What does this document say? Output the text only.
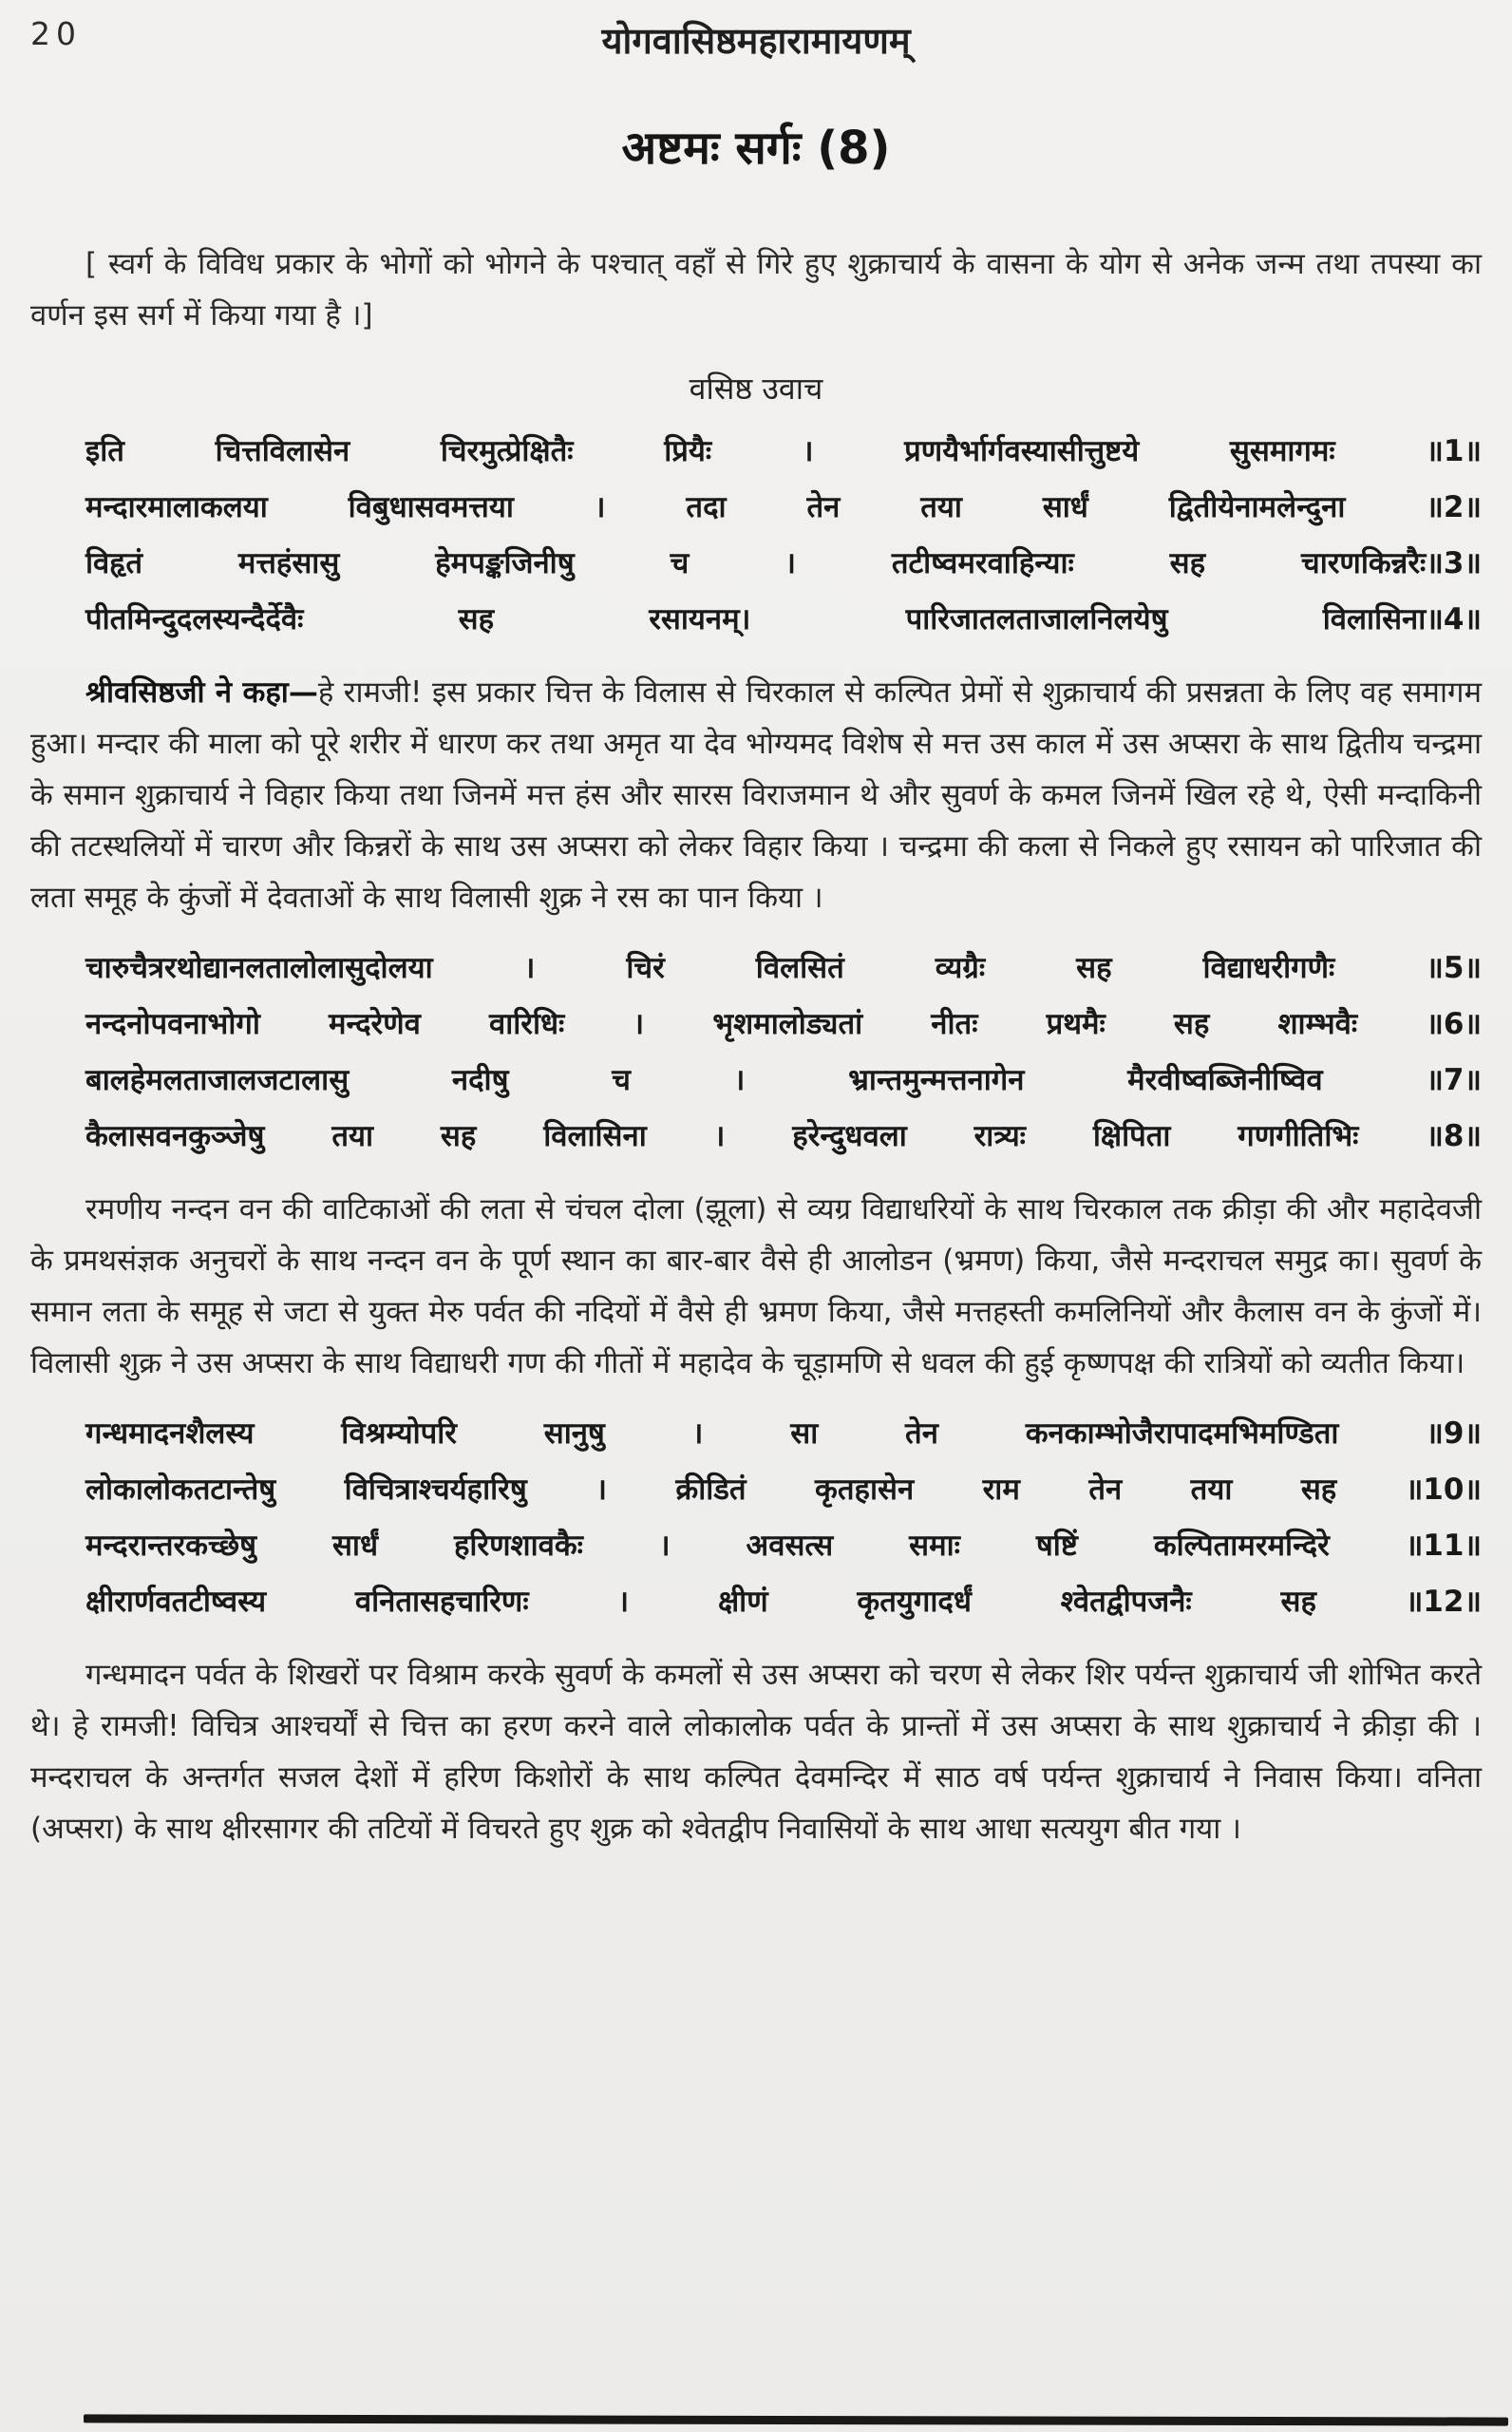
20	योगवासिष्ठमहारामायणम्
अष्टमः सर्गः (8)

[ स्वर्ग के विविध प्रकार के भोगों को भोगने के पश्चात् वहाँ से गिरे हुए शुक्राचार्य के वासना के योग से अनेक जन्म तथा तपस्या का वर्णन इस सर्ग में किया गया है ।]

वसिष्ठ उवाच
इति चित्तविलासेन चिरमुत्प्रेक्षितैः प्रियैः । प्रणयैर्भार्गवस्यासीत्तुष्टये सुसमागमः ॥1॥
मन्दारमालाकलया विबुधासवमत्तया । तदा तेन तया सार्धं द्वितीयेनामलेन्दुना ॥2॥
विहृतं मत्तहंसासु हेमपङ्कजिनीषु च । तटीष्वमरवाहिन्याः सह चारणकिन्नरैः॥3॥
पीतमिन्दुदलस्यन्दैर्देवैः सह रसायनम्। पारिजातलताजालनिलयेषु विलासिना॥4॥

श्रीवसिष्ठजी ने कहा—हे रामजी! इस प्रकार चित्त के विलास से चिरकाल से कल्पित प्रेमों से शुक्राचार्य की प्रसन्नता के लिए वह समागम हुआ। मन्दार की माला को पूरे शरीर में धारण कर तथा अमृत या देव भोग्यमद विशेष से मत्त उस काल में उस अप्सरा के साथ द्वितीय चन्द्रमा के समान शुक्राचार्य ने विहार किया तथा जिनमें मत्त हंस और सारस विराजमान थे और सुवर्ण के कमल जिनमें खिल रहे थे, ऐसी मन्दाकिनी की तटस्थलियों में चारण और किन्नरों के साथ उस अप्सरा को लेकर विहार किया । चन्द्रमा की कला से निकले हुए रसायन को पारिजात की लता समूह के कुंजों में देवताओं के साथ विलासी शुक्र ने रस का पान किया ।

चारुचैत्ररथोद्यानलतालोलासुदोलया । चिरं विलसितं व्यग्रैः सह विद्याधरीगणैः ॥5॥
नन्दनोपवनाभोगो मन्दरेणेव वारिधिः । भृशमालोड्यतां नीतः प्रथमैः सह शाम्भवैः ॥6॥
बालहेमलताजालजटालासु नदीषु च । भ्रान्तमुन्मत्तनागेन मैरवीष्वब्जिनीष्विव ॥7॥
कैलासवनकुञ्जेषु तया सह विलासिना । हरेन्दुधवला रात्र्यः क्षिपिता गणगीतिभिः ॥8॥

रमणीय नन्दन वन की वाटिकाओं की लता से चंचल दोला (झूला) से व्यग्र विद्याधरियों के साथ चिरकाल तक क्रीड़ा की और महादेवजी के प्रमथसंज्ञक अनुचरों के साथ नन्दन वन के पूर्ण स्थान का बार-बार वैसे ही आलोडन (भ्रमण) किया, जैसे मन्दराचल समुद्र का। सुवर्ण के समान लता के समूह से जटा से युक्त मेरु पर्वत की नदियों में वैसे ही भ्रमण किया, जैसे मत्तहस्ती कमलिनियों और कैलास वन के कुंजों में। विलासी शुक्र ने उस अप्सरा के साथ विद्याधरी गण की गीतों में महादेव के चूड़ामणि से धवल की हुई कृष्णपक्ष की रात्रियों को व्यतीत किया।

गन्धमादनशैलस्य विश्रम्योपरि सानुषु । सा तेन कनकाम्भोजैरापादमभिमण्डिता ॥9॥
लोकालोकतटान्तेषु विचित्राश्चर्यहारिषु । क्रीडितं कृतहासेन राम तेन तया सह ॥10॥
मन्दरान्तरकच्छेषु सार्धं हरिणशावकैः । अवसत्स समाः षष्टिं कल्पितामरमन्दिरे ॥11॥
क्षीरार्णवतटीष्वस्य वनितासहचारिणः । क्षीणं कृतयुगादर्धं श्वेतद्वीपजनैः सह ॥12॥

गन्धमादन पर्वत के शिखरों पर विश्राम करके सुवर्ण के कमलों से उस अप्सरा को चरण से लेकर शिर पर्यन्त शुक्राचार्य जी शोभित करते थे। हे रामजी! विचित्र आश्चर्यों से चित्त का हरण करने वाले लोकालोक पर्वत के प्रान्तों में उस अप्सरा के साथ शुक्राचार्य ने क्रीड़ा की । मन्दराचल के अन्तर्गत सजल देशों में हरिण किशोरों के साथ कल्पित देवमन्दिर में साठ वर्ष पर्यन्त शुक्राचार्य ने निवास किया। वनिता (अप्सरा) के साथ क्षीरसागर की तटियों में विचरते हुए शुक्र को श्वेतद्वीप निवासियों के साथ आधा सत्ययुग बीत गया ।
